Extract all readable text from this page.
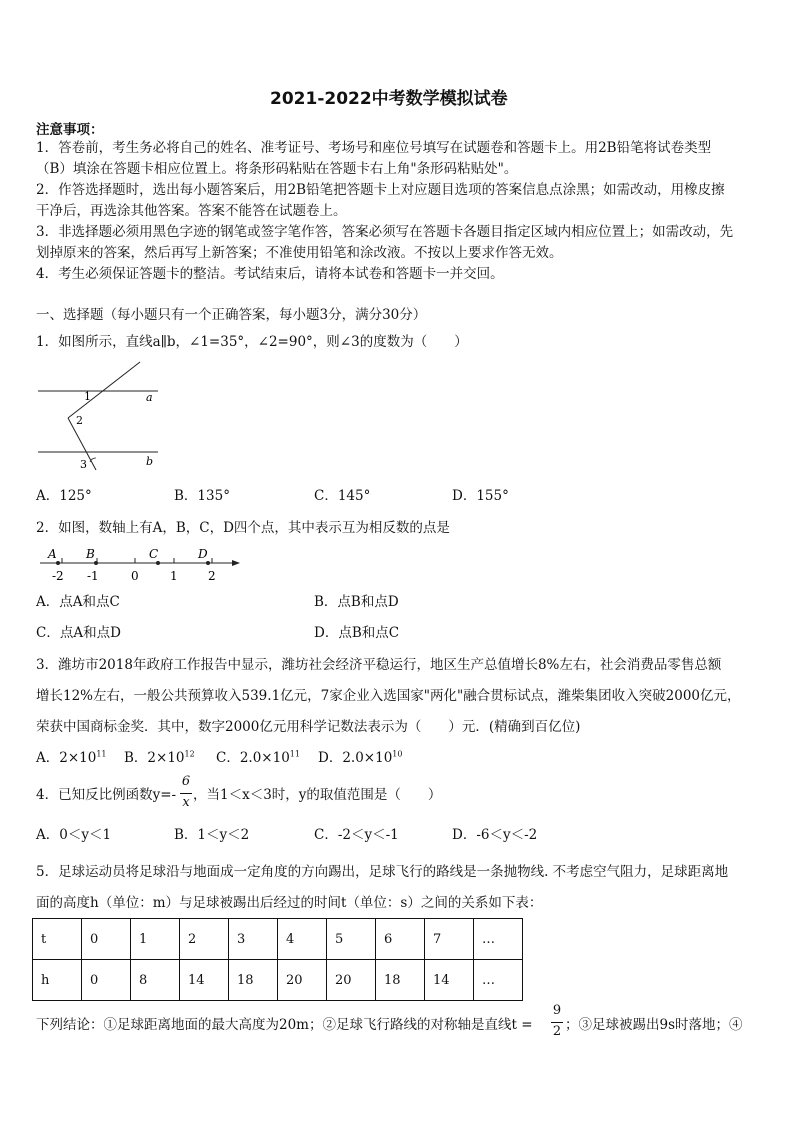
2021-2022中考数学模拟试卷
注意事项：
1．答卷前，考生务必将自己的姓名、准考证号、考场号和座位号填写在试题卷和答题卡上。用2B铅笔将试卷类型
（B）填涂在答题卡相应位置上。将条形码粘贴在答题卡右上角"条形码粘贴处"。
2．作答选择题时，选出每小题答案后，用2B铅笔把答题卡上对应题目选项的答案信息点涂黑；如需改动，用橡皮擦
干净后，再选涂其他答案。答案不能答在试题卷上。
3．非选择题必须用黑色字迹的钢笔或签字笔作答，答案必须写在答题卡各题目指定区域内相应位置上；如需改动，先
划掉原来的答案，然后再写上新答案；不准使用铅笔和涂改液。不按以上要求作答无效。
4．考生必须保证答题卡的整洁。考试结束后，请将本试卷和答题卡一并交回。
一、选择题（每小题只有一个正确答案，每小题3分，满分30分）
1．如图所示，直线a∥b，∠1=35°，∠2=90°，则∠3的度数为（　　）
a
b
1
2
3
A．125°	B．135°	C．145°	D．155°
2．如图，数轴上有A，B，C，D四个点，其中表示互为相反数的点是
A B	C	D
-2 -1	0	1	2
A．点A和点C	B．点B和点D
C．点A和点D	D．点B和点C
3．潍坊市2018年政府工作报告中显示，潍坊社会经济平稳运行，地区生产总值增长8%左右，社会消费品零售总额
增长12%左右，一般公共预算收入539.1亿元，7家企业入选国家"两化"融合贯标试点，潍柴集团收入突破2000亿元，
荣获中国商标金奖．其中，数字2000亿元用科学记数法表示为（　　）元．(精确到百亿位)
A．$2\times 10^{11}$ B．$2\times 10^{12}$ C．$2.0\times 10^{11}$ D．$2.0\times 10^{10}$
4．已知反比例函数y=-
6
x ，当1＜x＜3时，y的取值范围是（　　）
A．0＜y＜1	B．1＜y＜2	C．-2＜y＜-1	D．-6＜y＜-2
5．足球运动员将足球沿与地面成一定角度的方向踢出，足球飞行的路线是一条抛物线. 不考虑空气阻力，足球距离地
面的高度h（单位：m）与足球被踢出后经过的时间t（单位：s）之间的关系如下表：
t	0	1	2	3	4	5	6	7	…
h	0	8	14	18	20	20	18	14	…
下列结论：①足球距离地面的最大高度为20m；②足球飞行路线的对称轴是直线t =
9
2 ；③足球被踢出9s时落地；④
